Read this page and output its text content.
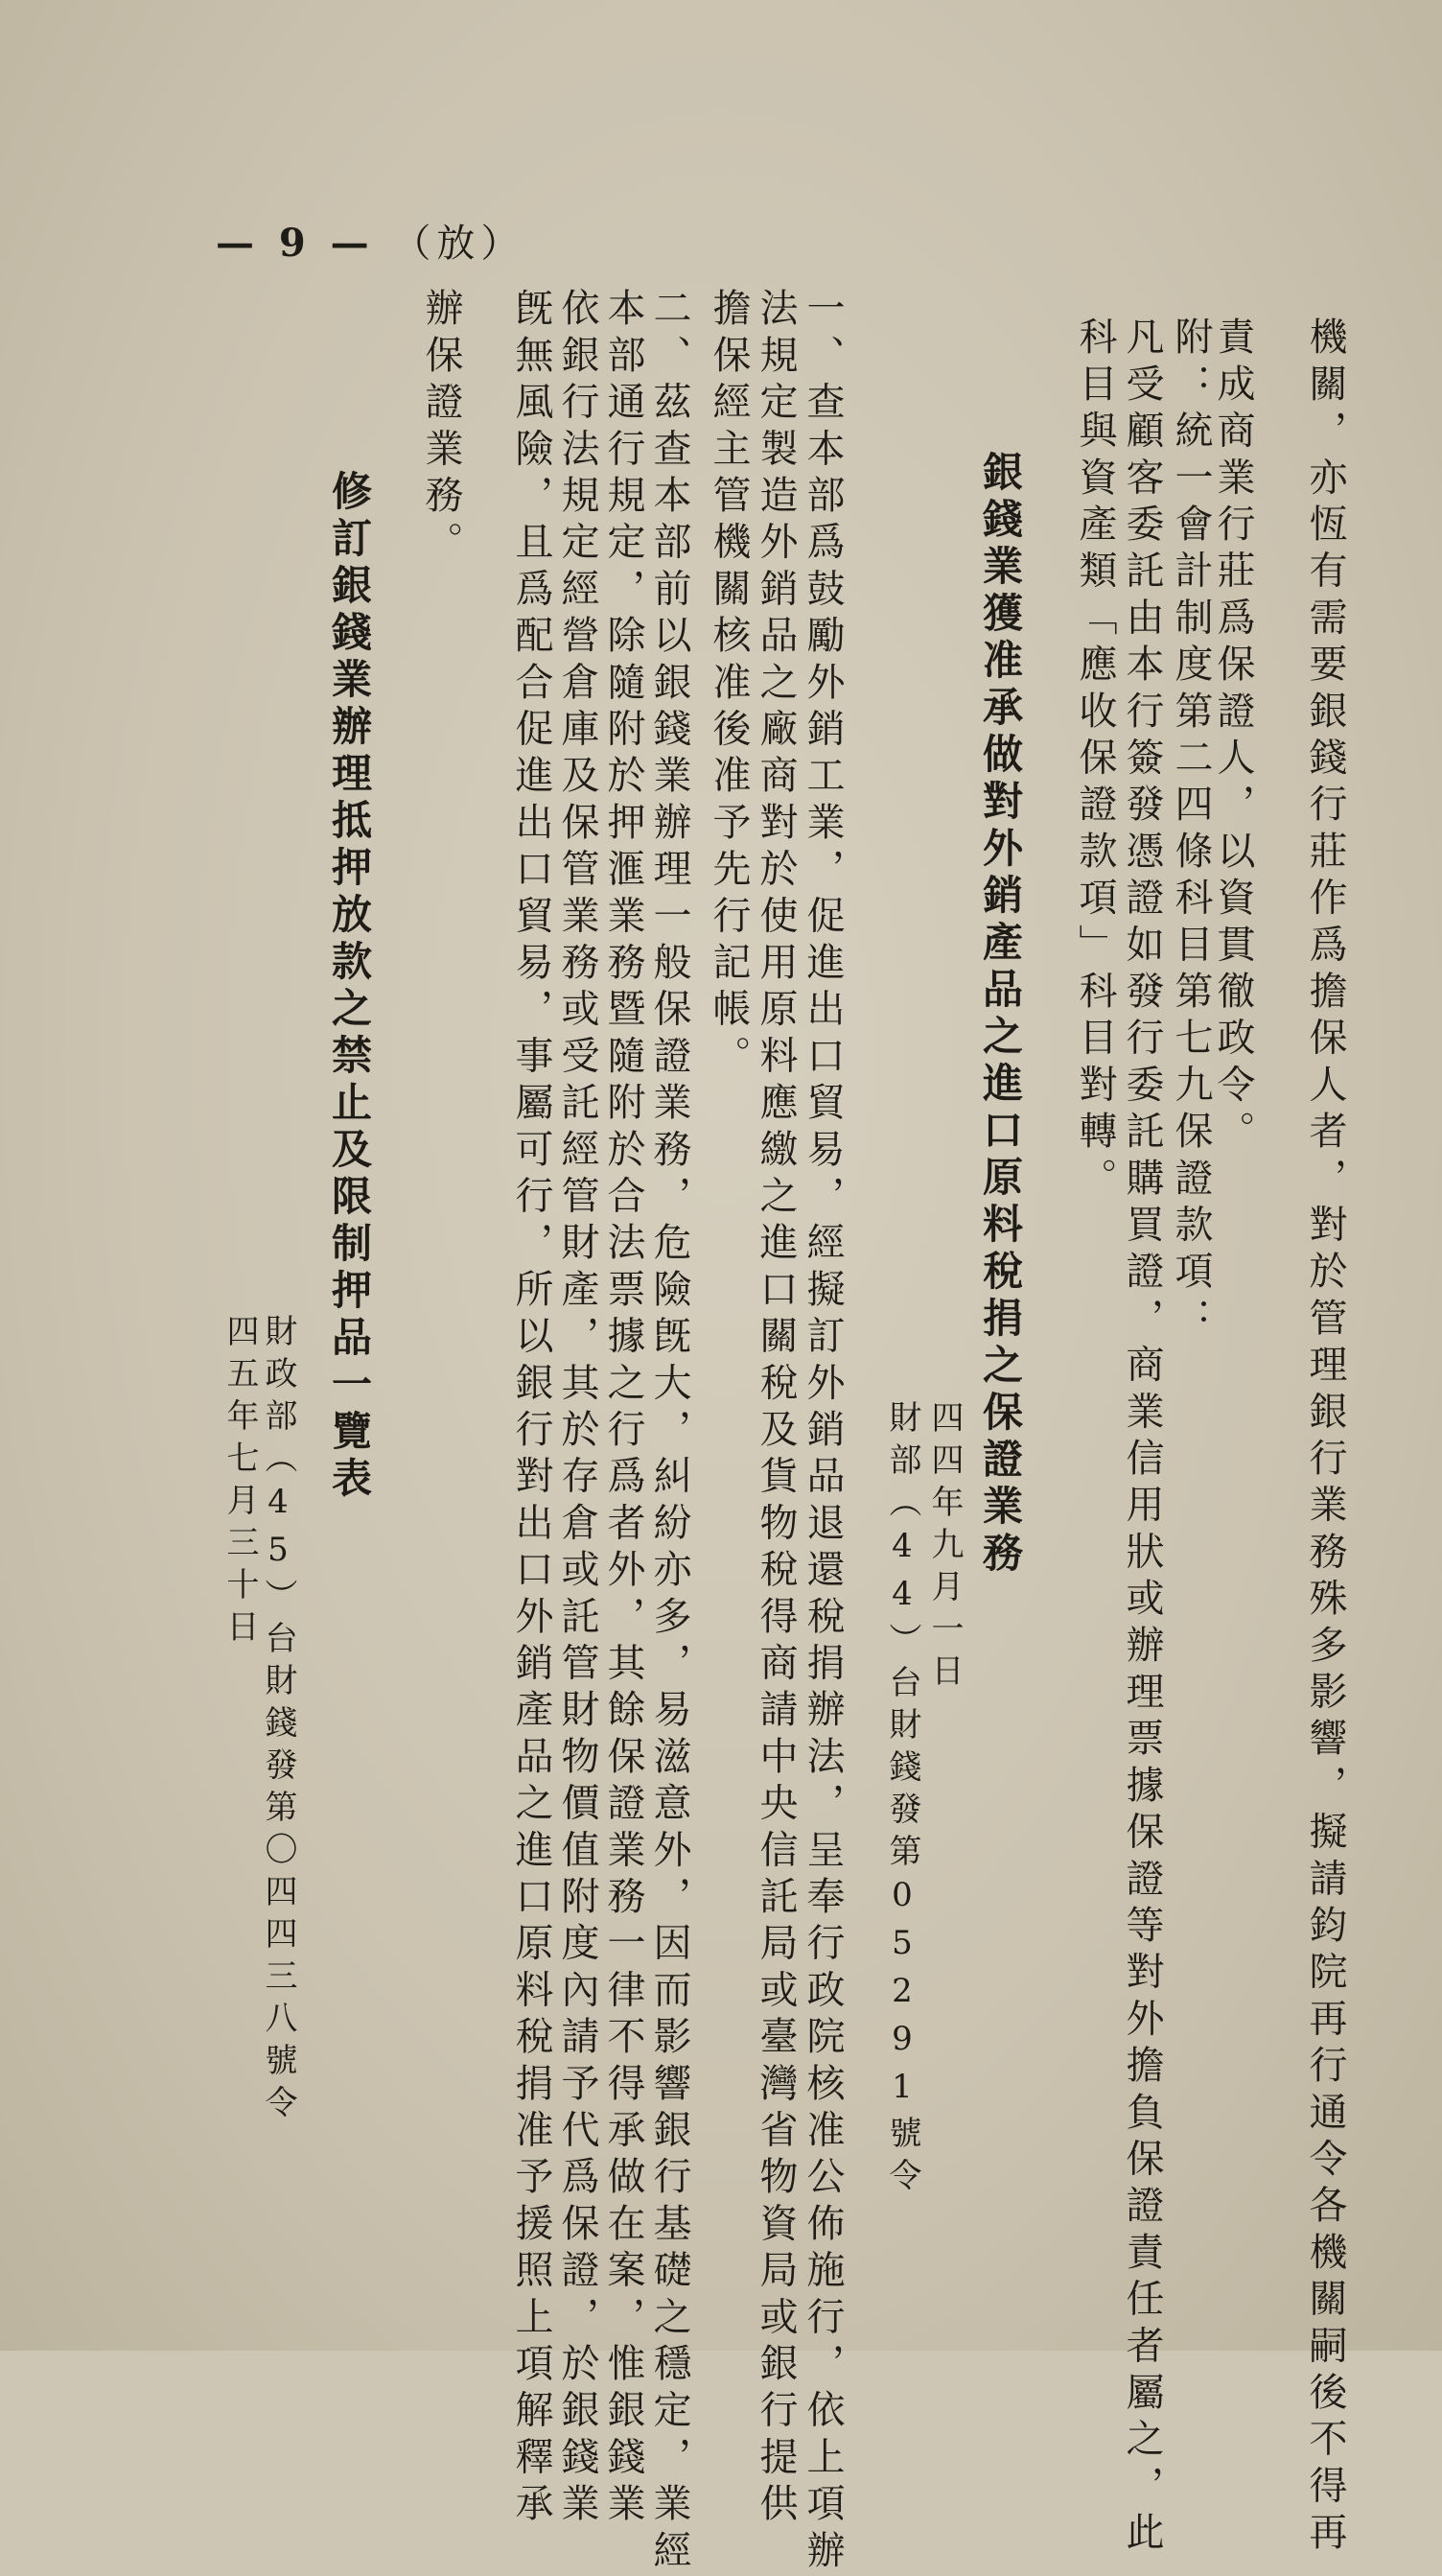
— 9 — （放）
機關，亦恆有需要銀錢行莊作爲擔保人者，對於管理銀行業務殊多影響，擬請鈞院再行通令各機關嗣後不得再
責成商業行莊爲保證人，以資貫徹政令。
附：統一會計制度第二四條科目第七九保證款項：
凡受顧客委託由本行簽發憑證如發行委託購買證，商業信用狀或辦理票據保證等對外擔負保證責任者屬之，此
科目與資產類「應收保證款項」科目對轉。
銀錢業獲准承做對外銷產品之進口原料稅捐之保證業務
四四年九月一日
財部（44）台財錢發第05291號令
一、查本部爲鼓勵外銷工業，促進出口貿易，經擬訂外銷品退還稅捐辦法，呈奉行政院核准公佈施行，依上項辦
法規定製造外銷品之廠商對於使用原料應繳之進口關稅及貨物稅得商請中央信託局或臺灣省物資局或銀行提供
擔保經主管機關核准後准予先行記帳。
二、茲查本部前以銀錢業辦理一般保證業務，危險旣大，糾紛亦多，易滋意外，因而影響銀行基礎之穩定，業經
本部通行規定，除隨附於押滙業務暨隨附於合法票據之行爲者外，其餘保證業務一律不得承做在案，惟銀錢業
依銀行法規定經營倉庫及保管業務或受託經管財產，其於存倉或託管財物價值附度內請予代爲保證，於銀錢業
旣無風險，且爲配合促進出口貿易，事屬可行，所以銀行對出口外銷產品之進口原料稅捐准予援照上項解釋承
辦保證業務。
修訂銀錢業辦理抵押放款之禁止及限制押品一覽表
財政部（45）台財錢發第〇四四三八號令
四五年七月三十日
